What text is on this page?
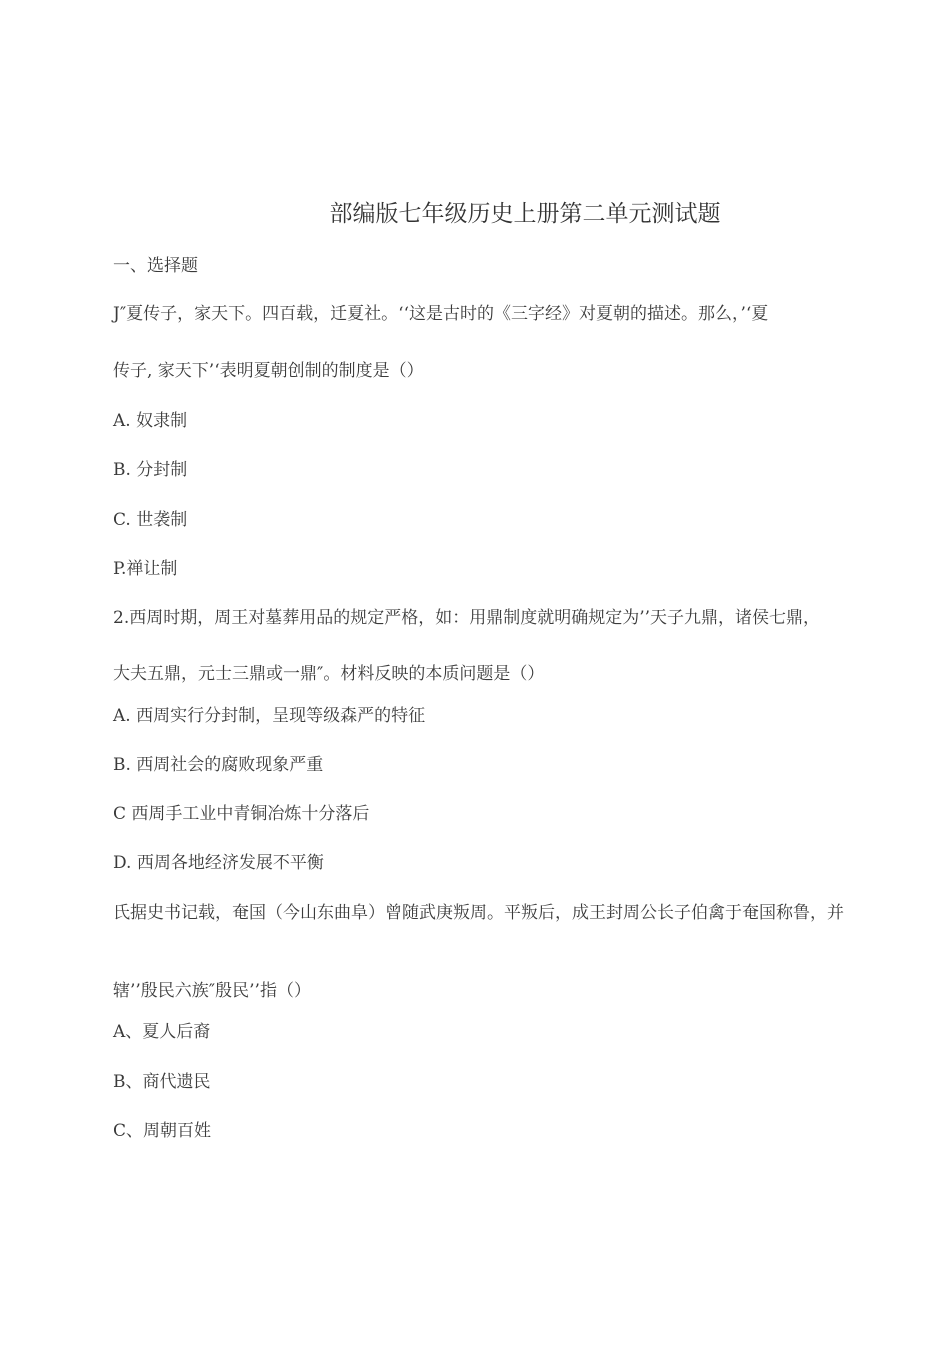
部编版七年级历史上册第二单元测试题
一、选择题
J″夏传子，家天下。四百载，迁夏社。‘‘这是古时的《三字经》对夏朝的描述。那么，’‘夏
传子, 家天下’‘表明夏朝创制的制度是（）
A. 奴隶制
B. 分封制
C. 世袭制
P.禅让制
2.西周时期，周王对墓葬用品的规定严格，如：用鼎制度就明确规定为’’天子九鼎，诸侯七鼎，
大夫五鼎，元士三鼎或一鼎″。材料反映的本质问题是（）
A. 西周实行分封制，呈现等级森严的特征
B. 西周社会的腐败现象严重
C 西周手工业中青铜冶炼十分落后
D. 西周各地经济发展不平衡
氏据史书记载，奄国（今山东曲阜）曾随武庚叛周。平叛后，成王封周公长子伯禽于奄国称鲁，并
辖’’殷民六族″殷民’’指（）
A、夏人后裔
B、商代遗民
C、周朝百姓
